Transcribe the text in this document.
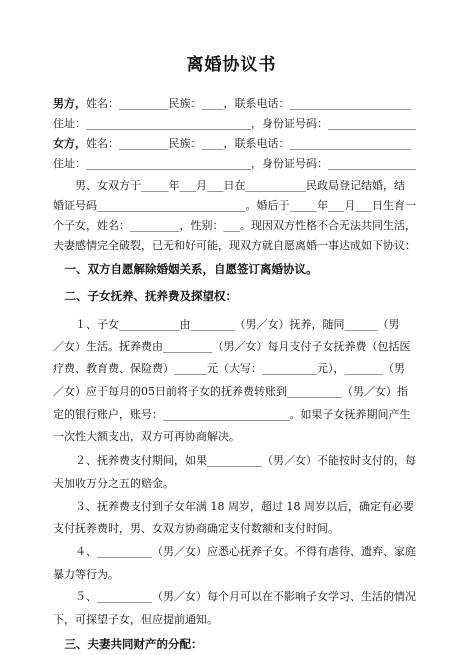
离婚协议书
男方，姓名：_________民族：____，联系电话：______________________
住址：______________________________，身份证号码：________________
女方，姓名：_________民族：____，联系电话：______________________
住址：______________________________，身份证号码：________________
　　男、女双方于_____年___月___日在___________民政局登记结婚，结
婚证号码___________________________。婚后于_____年___月___日生育一
个子女，姓名：_________，性别：___。现因双方性格不合无法共同生活，
夫妻感情完全破裂，已无和好可能，现双方就自愿离婚一事达成如下协议：
　一、双方自愿解除婚姻关系，自愿签订离婚协议。
　二、子女抚养、抚养费及探望权：
　　１、子女___________由________（男／女）抚养，随同______（男
／女）生活。抚养费由_________（男／女）每月支付子女抚养费（包括医
疗费、教育费、保险费）______元（大写：__________元），_______（男
／女）应于每月的05日前将子女的抚养费转账到__________（男／女）指
定的银行账户，账号：_______________________。如果子女抚养期间产生
一次性大额支出，双方可再协商解决。
　　２、抚养费支付期间，如果__________（男／女）不能按时支付的，每
天加收万分之五的赔金。
　　３、抚养费支付到子女年满 18 周岁，超过 18 周岁以后，确定有必要
支付抚养费时，男、女双方协商确定支付数额和支付时间。
　　４、__________（男／女）应悉心抚养子女。不得有虐待、遗弃、家庭
暴力等行为。
　　５、__________（男／女）每个月可以在不影响子女学习、生活的情况
下，可探望子女，但应提前通知。
　三、夫妻共同财产的分配：
